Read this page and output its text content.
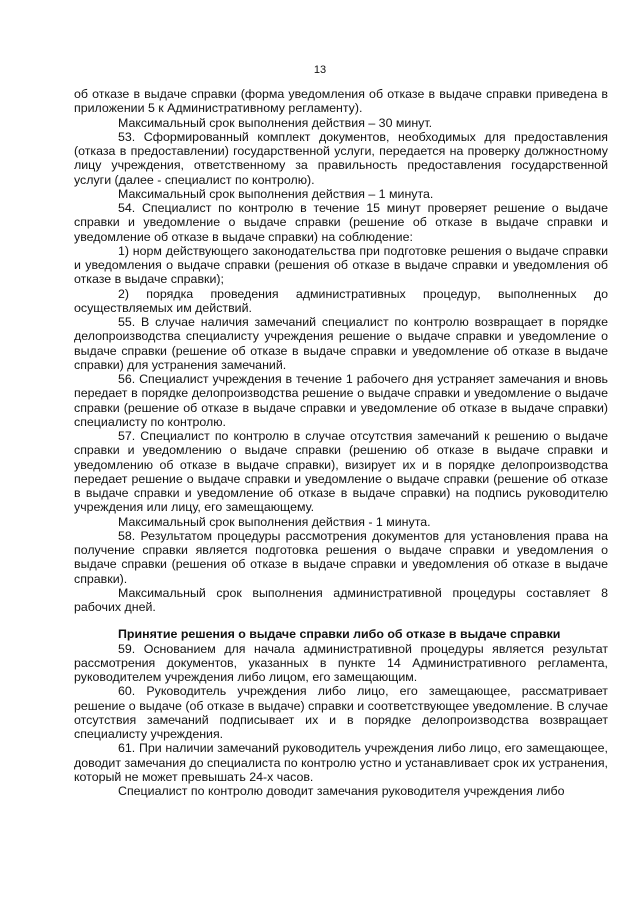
13

об отказе в выдаче справки (форма уведомления об отказе в выдаче справки приведена в приложении 5 к Административному регламенту).

Максимальный срок выполнения действия – 30 минут.

53. Сформированный комплект документов, необходимых для предоставления (отказа в предоставлении) государственной услуги, передается на проверку должностному лицу учреждения, ответственному за правильность предоставления государственной услуги (далее - специалист по контролю).

Максимальный срок выполнения действия – 1 минута.

54. Специалист по контролю в течение 15 минут проверяет решение о выдаче справки и уведомление о выдаче справки (решение об отказе в выдаче справки и уведомление об отказе в выдаче справки) на соблюдение:

1) норм действующего законодательства при подготовке решения о выдаче справки и уведомления о выдаче справки (решения об отказе в выдаче справки и уведомления об отказе в выдаче справки);

2) порядка проведения административных процедур, выполненных до осуществляемых им действий.

55. В случае наличия замечаний специалист по контролю возвращает в порядке делопроизводства специалисту учреждения решение о выдаче справки и уведомление о выдаче справки (решение об отказе в выдаче справки и уведомление об отказе в выдаче справки) для устранения замечаний.

56. Специалист учреждения в течение 1 рабочего дня устраняет замечания и вновь передает в порядке делопроизводства решение о выдаче справки и уведомление о выдаче справки (решение об отказе в выдаче справки и уведомление об отказе в выдаче справки) специалисту по контролю.

57. Специалист по контролю в случае отсутствия замечаний к решению о выдаче справки и уведомлению о выдаче справки (решению об отказе в выдаче справки и уведомлению об отказе в выдаче справки), визирует их и в порядке делопроизводства передает решение о выдаче справки и уведомление о выдаче справки (решение об отказе в выдаче справки и уведомление об отказе в выдаче справки) на подпись руководителю учреждения или лицу, его замещающему.

Максимальный срок выполнения действия - 1 минута.

58. Результатом процедуры рассмотрения документов для установления права на получение справки является подготовка решения о выдаче справки и уведомления о выдаче справки (решения об отказе в выдаче справки и уведомления об отказе в выдаче справки).

Максимальный срок выполнения административной процедуры составляет 8 рабочих дней.

Принятие решения о выдаче справки либо об отказе в выдаче справки

59. Основанием для начала административной процедуры является результат рассмотрения документов, указанных в пункте 14 Административного регламента, руководителем учреждения либо лицом, его замещающим.

60. Руководитель учреждения либо лицо, его замещающее, рассматривает решение о выдаче (об отказе в выдаче) справки и соответствующее уведомление. В случае отсутствия замечаний подписывает их и в порядке делопроизводства возвращает специалисту учреждения.

61. При наличии замечаний руководитель учреждения либо лицо, его замещающее, доводит замечания до специалиста по контролю устно и устанавливает срок их устранения, который не может превышать 24-х часов.

Специалист по контролю доводит замечания руководителя учреждения либо
